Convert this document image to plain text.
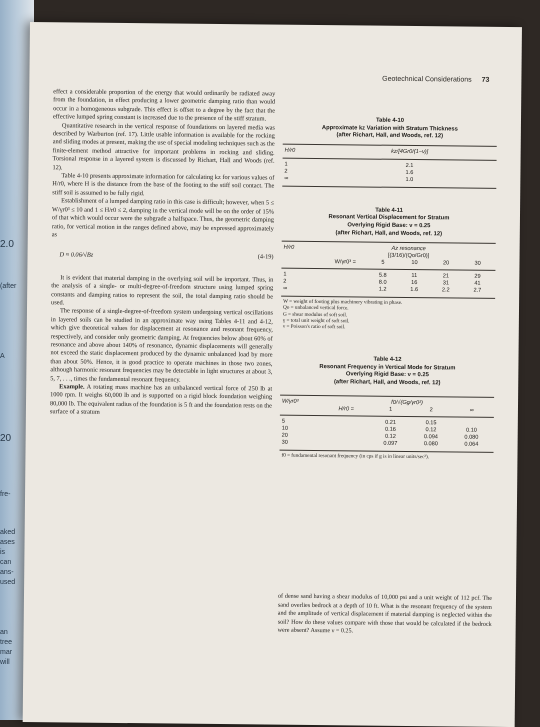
2.0
(after
A
20
fre-
aked
ases
is
can
ans-
used
an
tree
mar
will
Geotechnical Considerations 73

effect a considerable proportion of the energy that would ordinarily be radiated away from the foundation, in effect producing a lower geometric damping ratio than would occur in a homogeneous subgrade. This effect is offset to a degree by the fact that the effective lumped spring constant is increased due to the presence of the stiff stratum.

Quantitative research in the vertical response of foundations on layered media was described by Warburton (ref. 17). Little usable information is available for the rocking and sliding modes at present, making the use of special modeling techniques such as the finite-element method attractive for important problems in rocking and sliding. Torsional response in a layered system is discussed by Richart, Hall and Woods (ref. 12).

Table 4-10 presents approximate information for calculating kz for various values of H/r0, where H is the distance from the base of the footing to the stiff soil contact. The stiff soil is assumed to be fully rigid.

Establishment of a lumped damping ratio in this case is difficult; however, when 5 ≤ W/γr0³ ≤ 10 and 1 ≤ H/r0 ≤ 2, damping in the vertical mode will be on the order of 15% of that which would occur were the subgrade a halfspace. Thus, the geometric damping ratio, for vertical motion in the ranges defined above, may be expressed approximately as

D ≈ 0.06/√Bz	(4-19)

It is evident that material damping in the overlying soil will be important. Thus, in the analysis of a single- or multi-degree-of-freedom structure using lumped spring constants and damping ratios to represent the soil, the total damping ratio should be used.

The response of a single-degree-of-freedom system undergoing vertical oscillations in layered soils can be studied in an approximate way using Tables 4-11 and 4-12, which give theoretical values for displacement at resonance and resonant frequency, respectively, and consider only geometric damping. At frequencies below about 60% of resonance and above about 140% of resonance, dynamic displacements will generally not exceed the static displacement produced by the dynamic unbalanced load by more than about 50%. Hence, it is good practice to operate machines in those two zones, although harmonic resonant frequencies may be detectable in light structures at about 3, 5, 7, . . ., times the fundamental resonant frequency.

Example. A rotating mass machine has an unbalanced vertical force of 250 lb at 1000 rpm. It weighs 60,000 lb and is supported on a rigid block foundation weighing 80,000 lb. The equivalent radius of the foundation is 5 ft and the foundation rests on the surface of a stratum

Table 4-10
Approximate kz Variation with Stratum Thickness
(after Richart, Hall, and Woods, ref. 12)
H/r0	kz/[4Gr0/(1−ν)]
1	2.1
2	1.6
∞	1.0
Table 4-11
Resonant Vertical Displacement for Stratum
Overlying Rigid Base: ν = 0.25
(after Richart, Hall, and Woods, ref. 12)
H/r0	Az resonance
[(3/16)/(Qo/Gr0)]
W/γr0³ =	5	10	20	30
1	5.8	11	21	29
2	8.0	16	31	41
∞	1.2	1.6	2.2	2.7
W = weight of footing plus machinery vibrating in phase.
Qo = unbalanced vertical force.
G = shear modulus of soft soil.
γ = total unit weight of soft soil.
ν = Poisson's ratio of soft soil.
Table 4-12
Resonant Frequency in Vertical Mode for Stratum
Overlying Rigid Base: ν = 0.25
(after Richart, Hall, and Woods, ref. 12)
W/γr0³	f0/√(Gg/γr0²)
H/r0 =	1	2	∞
5	0.21	0.15
10	0.16	0.12	0.10
20	0.12	0.094	0.080
30	0.097	0.080	0.064
f0 = fundamental resonant frequency (in cps if g is in linear units/sec²).
of dense sand having a shear modulus of 10,000 psi and a unit weight of 112 pcf. The sand overlies bedrock at a depth of 10 ft. What is the resonant frequency of the system and the amplitude of vertical displacement if material damping is neglected within the soil? How do these values compare with those that would be calculated if the bedrock were absent? Assume ν = 0.25.
